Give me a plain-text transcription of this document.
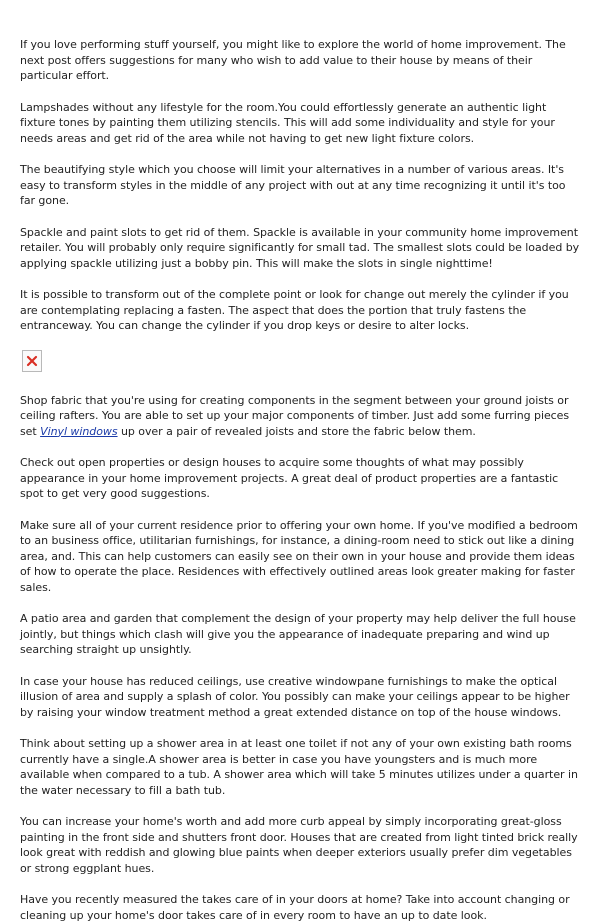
If you love performing stuff yourself, you might like to explore the world of home improvement. The next post offers suggestions for many who wish to add value to their house by means of their particular effort.

Lampshades without any lifestyle for the room.You could effortlessly generate an authentic light fixture tones by painting them utilizing stencils. This will add some individuality and style for your needs areas and get rid of the area while not having to get new light fixture colors.

The beautifying style which you choose will limit your alternatives in a number of various areas. It's easy to transform styles in the middle of any project with out at any time recognizing it until it's too far gone.

Spackle and paint slots to get rid of them. Spackle is available in your community home improvement retailer. You will probably only require significantly for small tad. The smallest slots could be loaded by applying spackle utilizing just a bobby pin. This will make the slots in single nighttime!

It is possible to transform out of the complete point or look for change out merely the cylinder if you are contemplating replacing a fasten. The aspect that does the portion that truly fastens the entranceway. You can change the cylinder if you drop keys or desire to alter locks.

Shop fabric that you're using for creating components in the segment between your ground joists or ceiling rafters. You are able to set up your major components of timber. Just add some furring pieces set Vinyl windows up over a pair of revealed joists and store the fabric below them.

Check out open properties or design houses to acquire some thoughts of what may possibly appearance in your home improvement projects. A great deal of product properties are a fantastic spot to get very good suggestions.

Make sure all of your current residence prior to offering your own home. If you've modified a bedroom to an business office, utilitarian furnishings, for instance, a dining-room need to stick out like a dining area, and. This can help customers can easily see on their own in your house and provide them ideas of how to operate the place. Residences with effectively outlined areas look greater making for faster sales.

A patio area and garden that complement the design of your property may help deliver the full house jointly, but things which clash will give you the appearance of inadequate preparing and wind up searching straight up unsightly.

In case your house has reduced ceilings, use creative windowpane furnishings to make the optical illusion of area and supply a splash of color. You possibly can make your ceilings appear to be higher by raising your window treatment method a great extended distance on top of the house windows.

Think about setting up a shower area in at least one toilet if not any of your own existing bath rooms currently have a single.A shower area is better in case you have youngsters and is much more available when compared to a tub. A shower area which will take 5 minutes utilizes under a quarter in the water necessary to fill a bath tub.

You can increase your home's worth and add more curb appeal by simply incorporating great-gloss painting in the front side and shutters front door. Houses that are created from light tinted brick really look great with reddish and glowing blue paints when deeper exteriors usually prefer dim vegetables or strong eggplant hues.

Have you recently measured the takes care of in your doors at home? Take into account changing or cleaning up your home's door takes care of in every room to have an up to date look.
